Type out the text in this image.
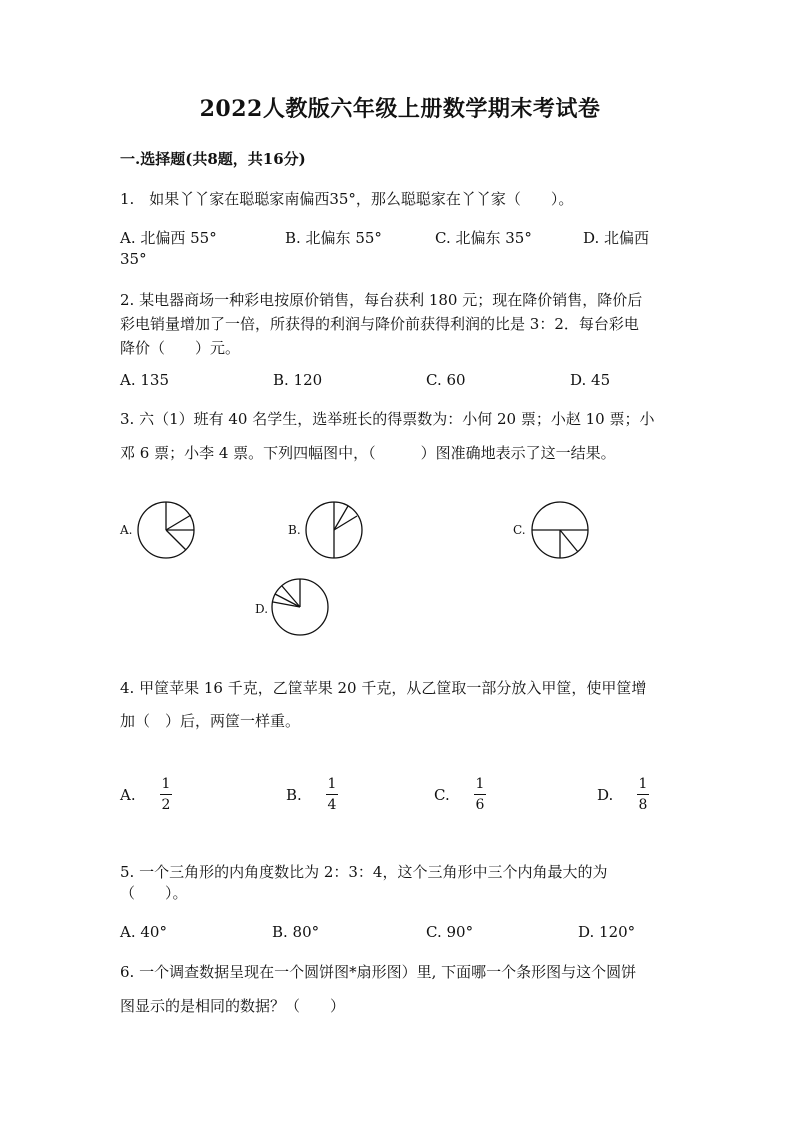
2022人教版六年级上册数学期末考试卷
一.选择题(共8题，共16分)
1.　如果丫丫家在聪聪家南偏西35°，那么聪聪家在丫丫家（　　）。
A. 北偏西 55°	B. 北偏东 55°	C. 北偏东 35°	D. 北偏西
35°
2. 某电器商场一种彩电按原价销售，每台获利 180 元；现在降价销售，降价后
彩电销量增加了一倍，所获得的利润与降价前获得利润的比是 3：2．每台彩电
降价（　　）元。
A. 135	B. 120	C. 60	D. 45
3. 六（1）班有 40 名学生，选举班长的得票数为：小何 20 票；小赵 10 票；小
邓 6 票；小李 4 票。下列四幅图中，（　　　）图准确地表示了这一结果。
A.	B.	C.
D.
4. 甲筐苹果 16 千克，乙筐苹果 20 千克，从乙筐取一部分放入甲筐，使甲筐增
加（　）后，两筐一样重。
A.	$\frac{1}{2}$	B.	$\frac{1}{4}$	C.	$\frac{1}{6}$	D.	$\frac{1}{8}$
5. 一个三角形的内角度数比为 2：3：4，这个三角形中三个内角最大的为
（　　）。
A. 40°	B. 80°	C. 90°	D. 120°
6. 一个调查数据呈现在一个圆饼图*扇形图）里, 下面哪一个条形图与这个圆饼
图显示的是相同的数据？（　　）
